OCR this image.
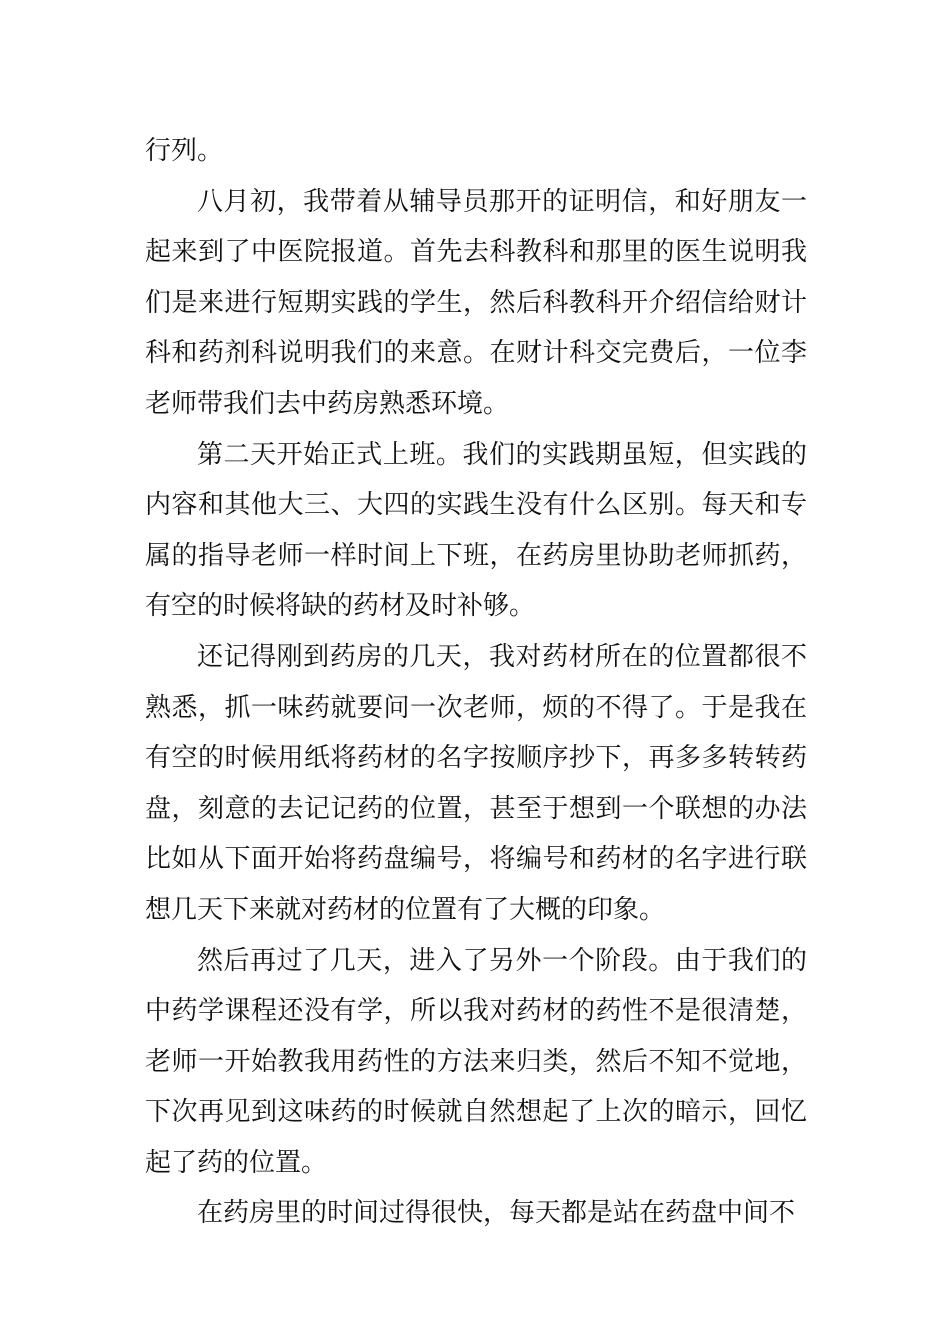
行列。

八月初，我带着从辅导员那开的证明信，和好朋友一起来到了中医院报道。首先去科教科和那里的医生说明我们是来进行短期实践的学生，然后科教科开介绍信给财计科和药剂科说明我们的来意。在财计科交完费后，一位李老师带我们去中药房熟悉环境。

第二天开始正式上班。我们的实践期虽短，但实践的内容和其他大三、大四的实践生没有什么区别。每天和专属的指导老师一样时间上下班，在药房里协助老师抓药，有空的时候将缺的药材及时补够。

还记得刚到药房的几天，我对药材所在的位置都很不熟悉，抓一味药就要问一次老师，烦的不得了。于是我在有空的时候用纸将药材的名字按顺序抄下，再多多转转药盘，刻意的去记记药的位置，甚至于想到一个联想的办法比如从下面开始将药盘编号，将编号和药材的名字进行联想几天下来就对药材的位置有了大概的印象。

然后再过了几天，进入了另外一个阶段。由于我们的中药学课程还没有学，所以我对药材的药性不是很清楚，老师一开始教我用药性的方法来归类，然后不知不觉地，下次再见到这味药的时候就自然想起了上次的暗示，回忆起了药的位置。

在药房里的时间过得很快，每天都是站在药盘中间不
